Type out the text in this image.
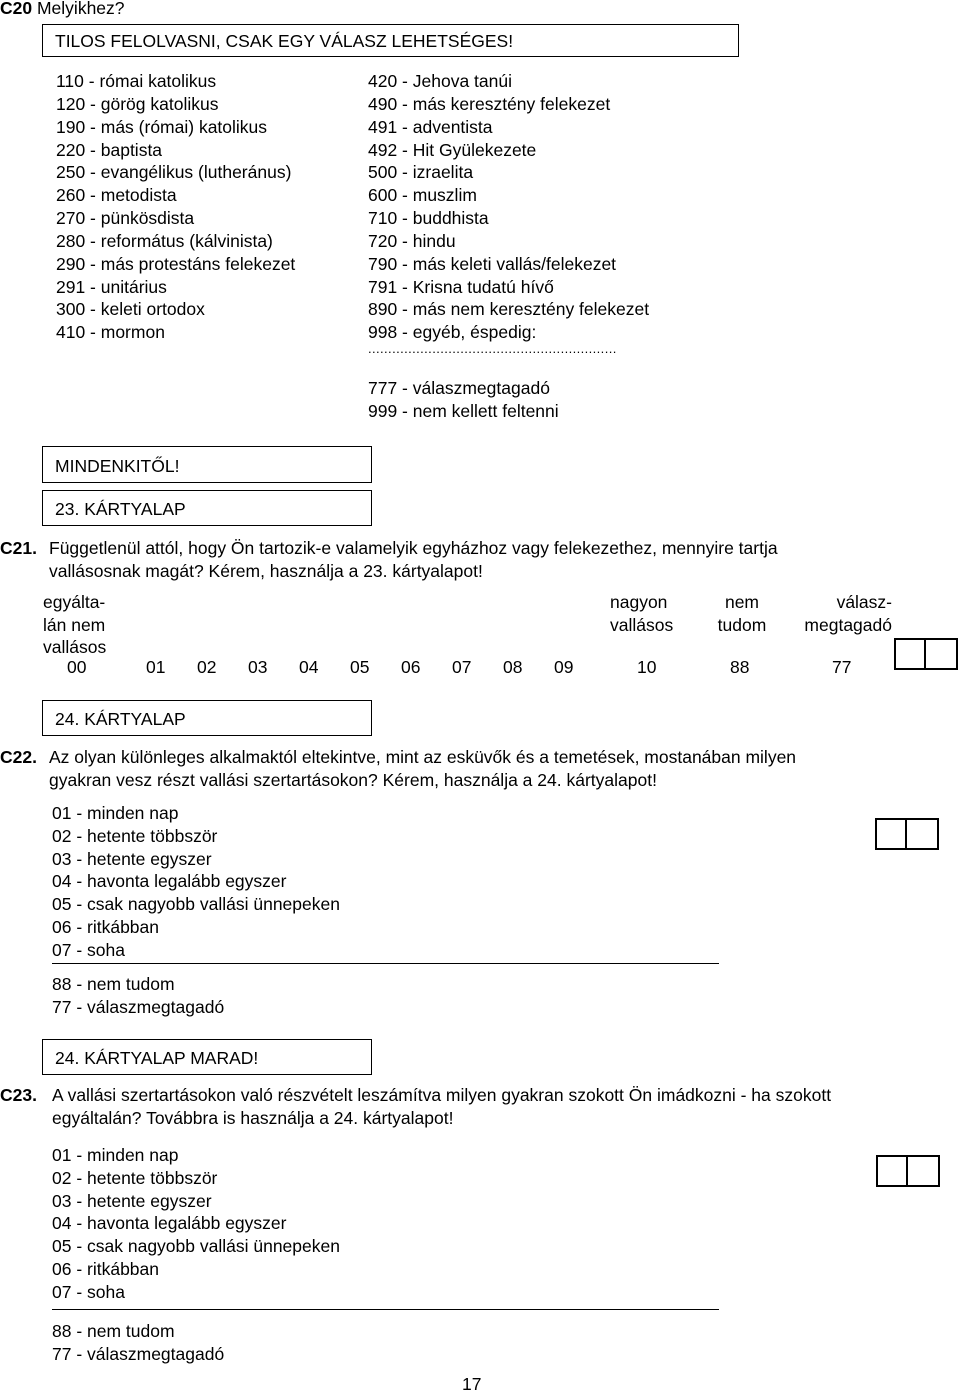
C20 Melyikhez?
TILOS FELOLVASNI, CSAK EGY VÁLASZ LEHETSÉGES!
110 - római katolikus
120 - görög katolikus
190 - más (római) katolikus
220 - baptista
250 - evangélikus (lutheránus)
260 - metodista
270 - pünkösdista
280 - református (kálvinista)
290 - más protestáns felekezet
291 - unitárius
300 - keleti ortodox
410 - mormon
420 - Jehova tanúi
490 - más keresztény felekezet
491 - adventista
492 - Hit Gyülekezete
500 - izraelita
600 - muszlim
710 - buddhista
720 - hindu
790 - más keleti vallás/felekezet
791 - Krisna tudatú hívő
890 - más nem keresztény felekezet
998 - egyéb, éspedig:
..............................................................
777 - válaszmegtagadó
999 - nem kellett feltenni
MINDENKITŐL!
23. KÁRTYALAP
C21. Függetlenül attól, hogy Ön tartozik-e valamelyik egyházhoz vagy felekezethez, mennyire tartja
vallásosnak magát? Kérem, használja a 23. kártyalapot!
egyálta-
lán nem
vallásos
nagyon
vallásos
nem
tudom
válasz-
megtagadó
00	01 02 03 04 05 06 07 08 09	10	88	77
24. KÁRTYALAP
C22. Az olyan különleges alkalmaktól eltekintve, mint az esküvők és a temetések, mostanában milyen
gyakran vesz részt vallási szertartásokon? Kérem, használja a 24. kártyalapot!
01 - minden nap
02 - hetente többször
03 - hetente egyszer
04 - havonta legalább egyszer
05 - csak nagyobb vallási ünnepeken
06 - ritkábban
07 - soha
88 - nem tudom
77 - válaszmegtagadó
24. KÁRTYALAP MARAD!
C23. A vallási szertartásokon való részvételt leszámítva milyen gyakran szokott Ön imádkozni - ha szokott
egyáltalán? Továbbra is használja a 24. kártyalapot!
01 - minden nap
02 - hetente többször
03 - hetente egyszer
04 - havonta legalább egyszer
05 - csak nagyobb vallási ünnepeken
06 - ritkábban
07 - soha
88 - nem tudom
77 - válaszmegtagadó
17
